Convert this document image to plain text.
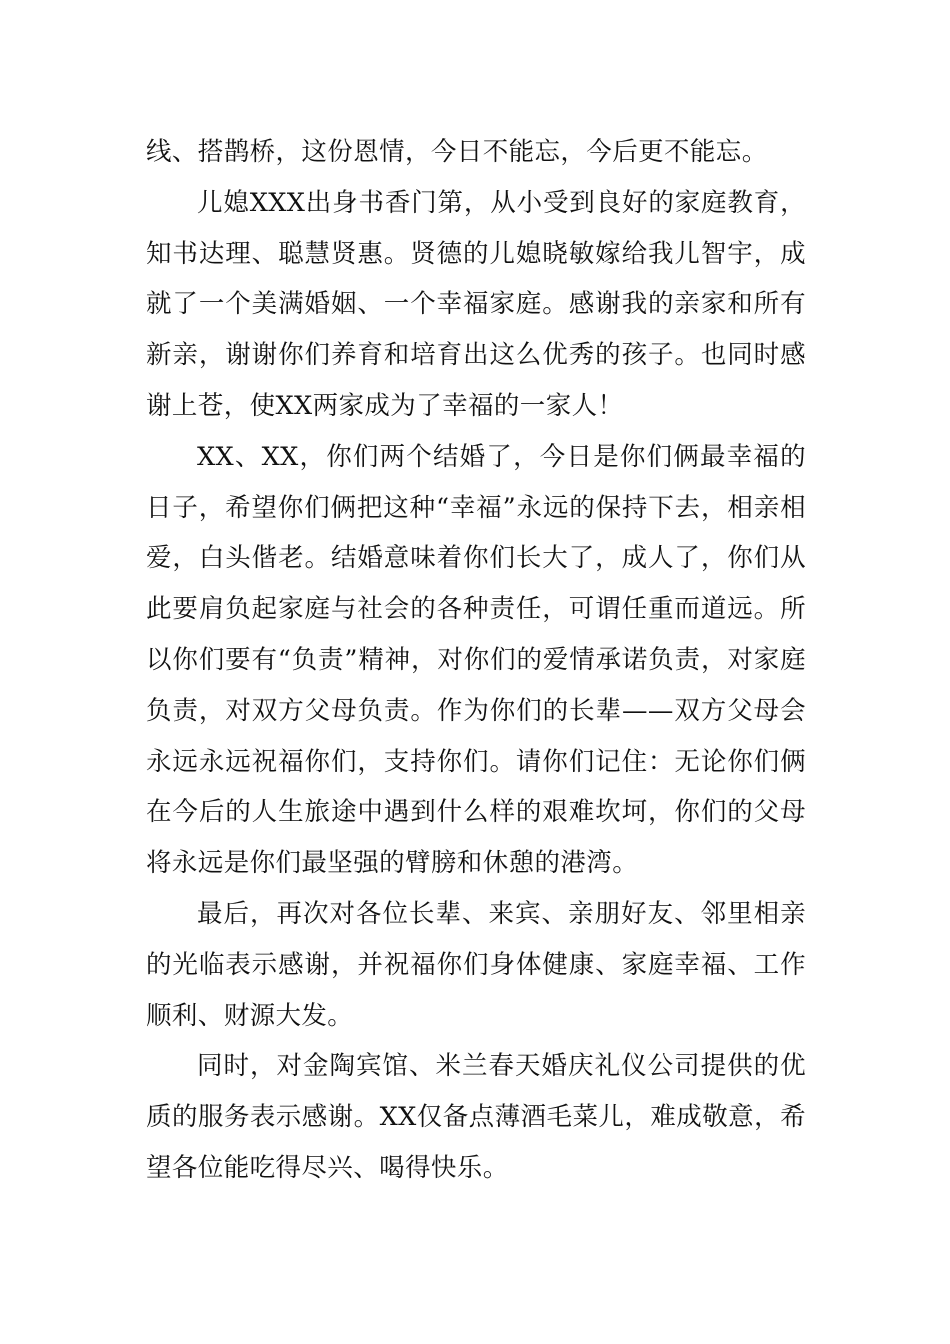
线、搭鹊桥，这份恩情，今日不能忘，今后更不能忘。

儿媳XXX出身书香门第，从小受到良好的家庭教育，知书达理、聪慧贤惠。贤德的儿媳晓敏嫁给我儿智宇，成就了一个美满婚姻、一个幸福家庭。感谢我的亲家和所有新亲，谢谢你们养育和培育出这么优秀的孩子。也同时感谢上苍，使XX两家成为了幸福的一家人！

XX、XX，你们两个结婚了，今日是你们俩最幸福的日子，希望你们俩把这种“幸福”永远的保持下去，相亲相爱，白头偕老。结婚意味着你们长大了，成人了，你们从此要肩负起家庭与社会的各种责任，可谓任重而道远。所以你们要有“负责”精神，对你们的爱情承诺负责，对家庭负责，对双方父母负责。作为你们的长辈——双方父母会永远永远祝福你们，支持你们。请你们记住：无论你们俩在今后的人生旅途中遇到什么样的艰难坎坷，你们的父母将永远是你们最坚强的臂膀和休憩的港湾。

最后，再次对各位长辈、来宾、亲朋好友、邻里相亲的光临表示感谢，并祝福你们身体健康、家庭幸福、工作顺利、财源大发。

同时，对金陶宾馆、米兰春天婚庆礼仪公司提供的优质的服务表示感谢。XX仅备点薄酒毛菜儿，难成敬意，希望各位能吃得尽兴、喝得快乐。
